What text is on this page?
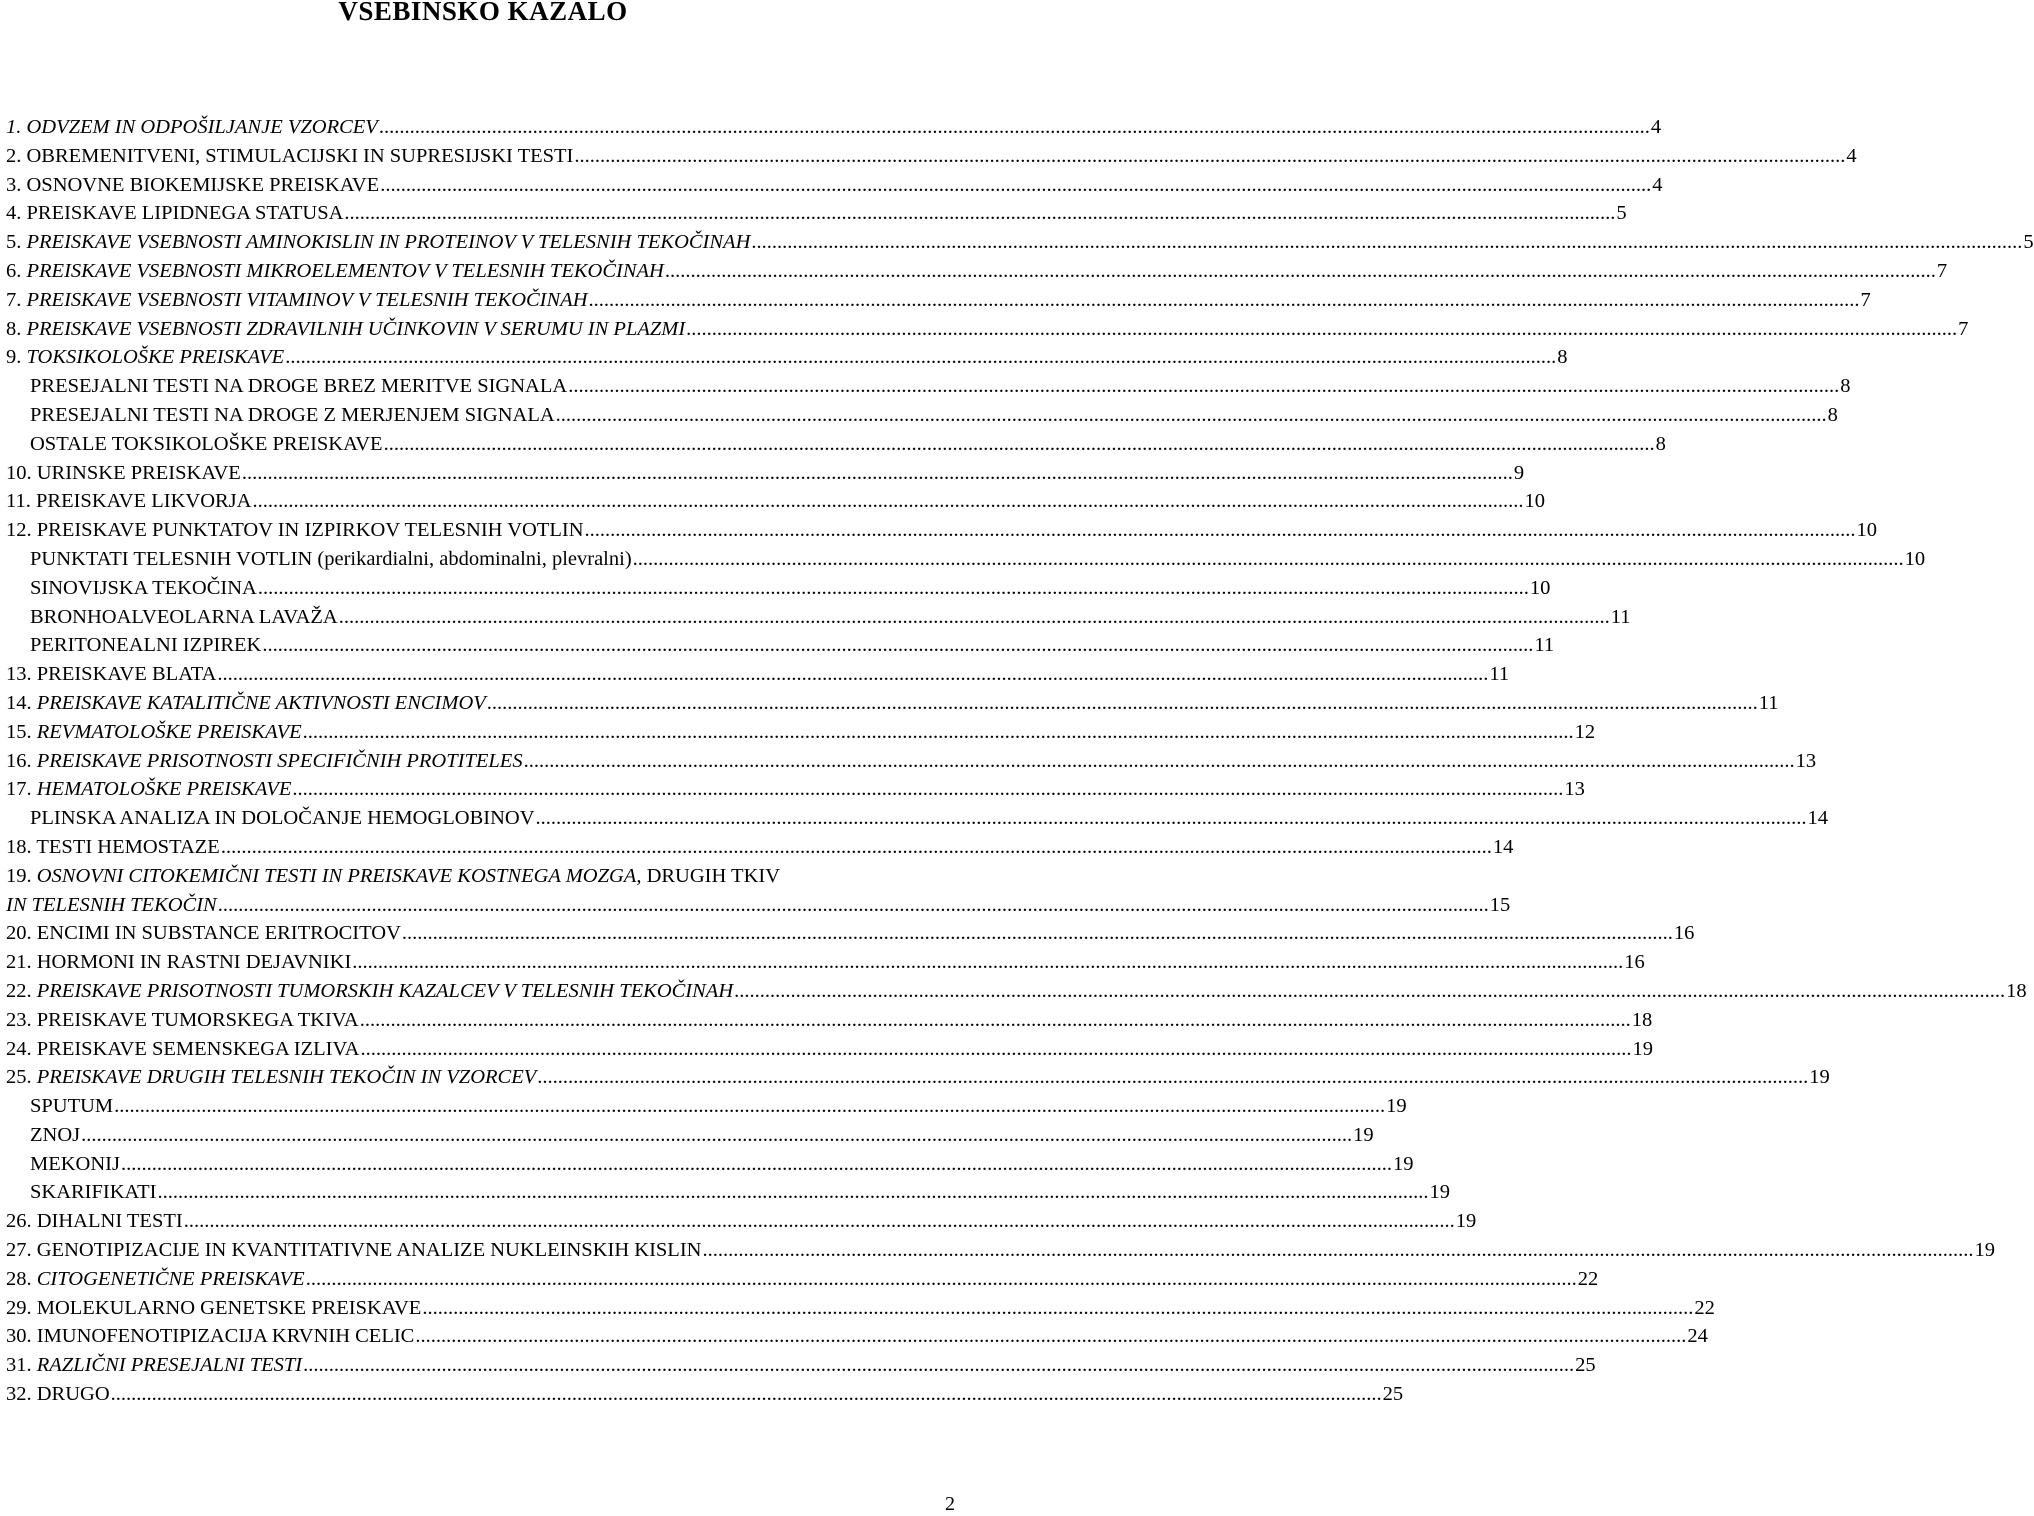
VSEBINSKO KAZALO
1. ODVZEM IN ODPOŠILJANJE VZORCEV .....	4
2. OBREMENITVENI, STIMULACIJSKI IN SUPRESIJSKI TESTI .....	4
3. OSNOVNE BIOKEMIJSKE PREISKAVE .....	4
4. PREISKAVE LIPIDNEGA STATUSA .....	5
5. PREISKAVE VSEBNOSTI AMINOKISLIN IN PROTEINOV V TELESNIH TEKOČINAH .....	5
6. PREISKAVE VSEBNOSTI MIKROELEMENTOV V TELESNIH TEKOČINAH .....	7
7. PREISKAVE VSEBNOSTI VITAMINOV V TELESNIH TEKOČINAH .....	7
8. PREISKAVE VSEBNOSTI ZDRAVILNIH UČINKOVIN V SERUMU IN PLAZMI .....	7
9. TOKSIKOLOŠKE PREISKAVE .....	8
PRESEJALNI TESTI NA DROGE BREZ MERITVE SIGNALA .....	8
PRESEJALNI TESTI NA DROGE Z MERJENJEM SIGNALA .....	8
OSTALE TOKSIKOLOŠKE PREISKAVE .....	8
10. URINSKE PREISKAVE .....	9
11. PREISKAVE LIKVORJA .....	10
12. PREISKAVE PUNKTATOV IN IZPIRKOV TELESNIH VOTLIN .....	10
PUNKTATI TELESNIH VOTLIN (perikardialni, abdominalni, plevralni) .....	10
SINOVIJSKA TEKOČINA .....	10
BRONHOALVEOLARNA LAVAŽA .....	11
PERITONEALNI IZPIREK .....	11
13. PREISKAVE BLATA .....	11
14. PREISKAVE KATALITIČNE AKTIVNOSTI ENCIMOV .....	11
15. REVMATOLOŠKE PREISKAVE .....	12
16. PREISKAVE PRISOTNOSTI SPECIFIČNIH PROTITELES .....	13
17. HEMATOLOŠKE PREISKAVE .....	13
PLINSKA ANALIZA IN DOLOČANJE HEMOGLOBINOV .....	14
18. TESTI HEMOSTAZE .....	14
19. OSNOVNI CITOKEMIČNI TESTI IN PREISKAVE KOSTNEGA MOZGA, DRUGIH TKIV
IN TELESNIH TEKOČIN .....	15
20. ENCIMI IN SUBSTANCE ERITROCITOV .....	16
21. HORMONI IN RASTNI DEJAVNIKI .....	16
22. PREISKAVE PRISOTNOSTI TUMORSKIH KAZALCEV V TELESNIH TEKOČINAH .....	18
23. PREISKAVE TUMORSKEGA TKIVA .....	18
24. PREISKAVE SEMENSKEGA IZLIVA .....	19
25. PREISKAVE DRUGIH TELESNIH TEKOČIN IN VZORCEV .....	19
SPUTUM .....	19
ZNOJ .....	19
MEKONIJ .....	19
SKARIFIKATI .....	19
26. DIHALNI TESTI .....	19
27. GENOTIPIZACIJE IN KVANTITATIVNE ANALIZE NUKLEINSKIH KISLIN .....	19
28. CITOGENETIČNE PREISKAVE .....	22
29. MOLEKULARNO GENETSKE PREISKAVE .....	22
30. IMUNOFENOTIPIZACIJA KRVNIH CELIC .....	24
31. RAZLIČNI PRESEJALNI TESTI .....	25
32. DRUGO .....	25
2
